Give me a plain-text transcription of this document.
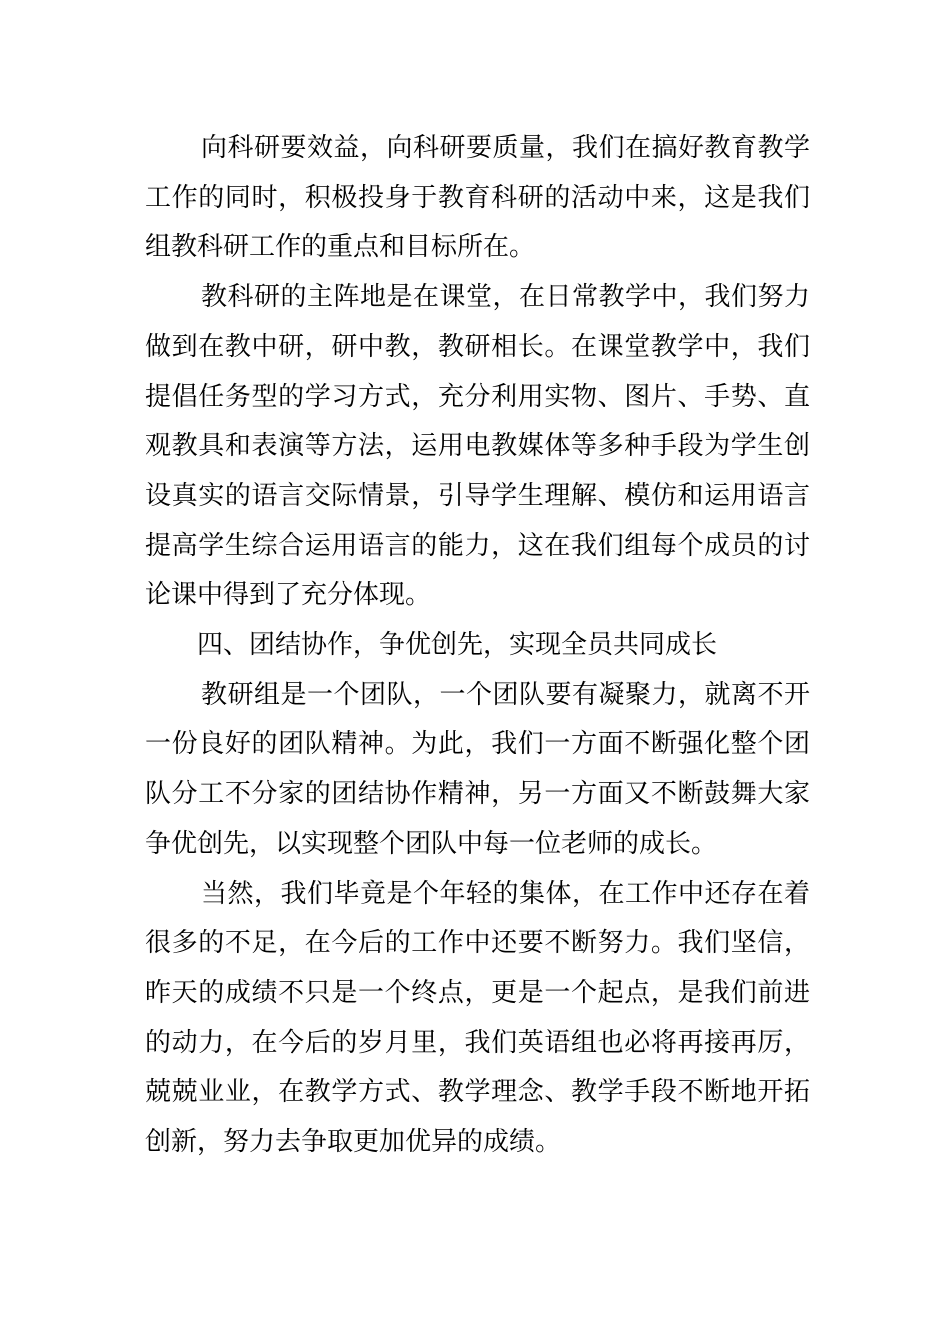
向科研要效益，向科研要质量，我们在搞好教育教学工作的同时，积极投身于教育科研的活动中来，这是我们组教科研工作的重点和目标所在。

教科研的主阵地是在课堂，在日常教学中，我们努力做到在教中研，研中教，教研相长。在课堂教学中，我们提倡任务型的学习方式，充分利用实物、图片、手势、直观教具和表演等方法，运用电教媒体等多种手段为学生创设真实的语言交际情景，引导学生理解、模仿和运用语言提高学生综合运用语言的能力，这在我们组每个成员的讨论课中得到了充分体现。

四、团结协作，争优创先，实现全员共同成长

教研组是一个团队，一个团队要有凝聚力，就离不开一份良好的团队精神。为此，我们一方面不断强化整个团队分工不分家的团结协作精神，另一方面又不断鼓舞大家争优创先，以实现整个团队中每一位老师的成长。

当然，我们毕竟是个年轻的集体，在工作中还存在着很多的不足，在今后的工作中还要不断努力。我们坚信，昨天的成绩不只是一个终点，更是一个起点，是我们前进的动力，在今后的岁月里，我们英语组也必将再接再厉，兢兢业业，在教学方式、教学理念、教学手段不断地开拓创新，努力去争取更加优异的成绩。
